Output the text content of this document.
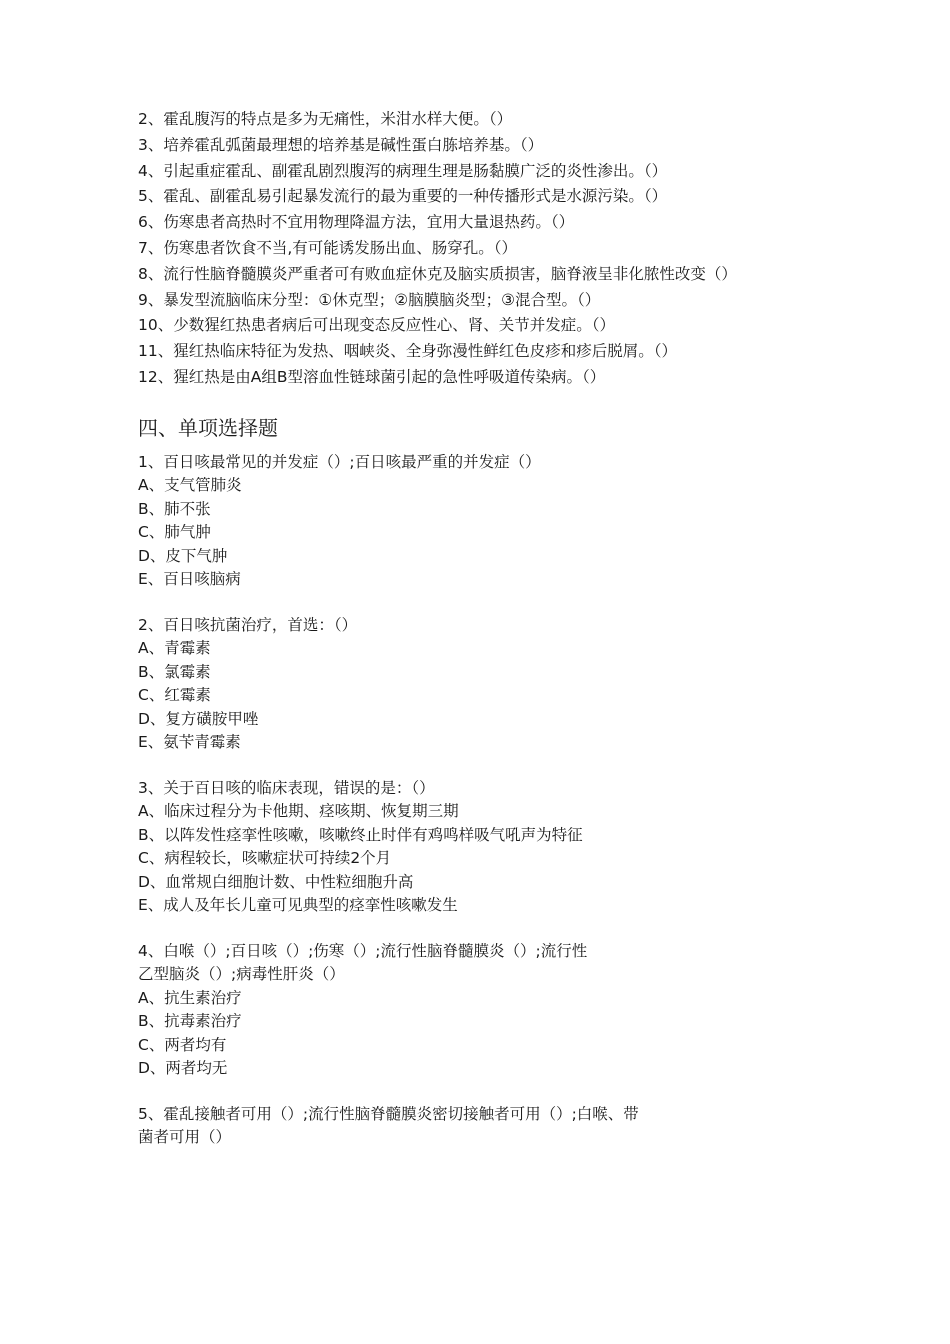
2、霍乱腹泻的特点是多为无痛性，米泔水样大便。（）
3、培养霍乱弧菌最理想的培养基是碱性蛋白胨培养基。（）
4、引起重症霍乱、副霍乱剧烈腹泻的病理生理是肠黏膜广泛的炎性渗出。（）
5、霍乱、副霍乱易引起暴发流行的最为重要的一种传播形式是水源污染。（）
6、伤寒患者高热时不宜用物理降温方法，宜用大量退热药。（）
7、伤寒患者饮食不当,有可能诱发肠出血、肠穿孔。（）
8、流行性脑脊髓膜炎严重者可有败血症休克及脑实质损害，脑脊液呈非化脓性改变（）
9、暴发型流脑临床分型：①休克型；②脑膜脑炎型；③混合型。（）
10、少数猩红热患者病后可出现变态反应性心、肾、关节并发症。（）
11、猩红热临床特征为发热、咽峡炎、全身弥漫性鲜红色皮疹和疹后脱屑。（）
12、猩红热是由A组B型溶血性链球菌引起的急性呼吸道传染病。（）
四、单项选择题
1、百日咳最常见的并发症（）;百日咳最严重的并发症（）
A、支气管肺炎
B、肺不张
C、肺气肿
D、皮下气肿
E、百日咳脑病
2、百日咳抗菌治疗，首选：（）
A、青霉素
B、氯霉素
C、红霉素
D、复方磺胺甲唑
E、氨苄青霉素
3、关于百日咳的临床表现，错误的是：（）
A、临床过程分为卡他期、痉咳期、恢复期三期
B、以阵发性痉挛性咳嗽，咳嗽终止时伴有鸡鸣样吸气吼声为特征
C、病程较长，咳嗽症状可持续2个月
D、血常规白细胞计数、中性粒细胞升高
E、成人及年长儿童可见典型的痉挛性咳嗽发生
4、白喉（）;百日咳（）;伤寒（）;流行性脑脊髓膜炎（）;流行性
乙型脑炎（）;病毒性肝炎（）
A、抗生素治疗
B、抗毒素治疗
C、两者均有
D、两者均无
5、霍乱接触者可用（）;流行性脑脊髓膜炎密切接触者可用（）;白喉、带
菌者可用（）
